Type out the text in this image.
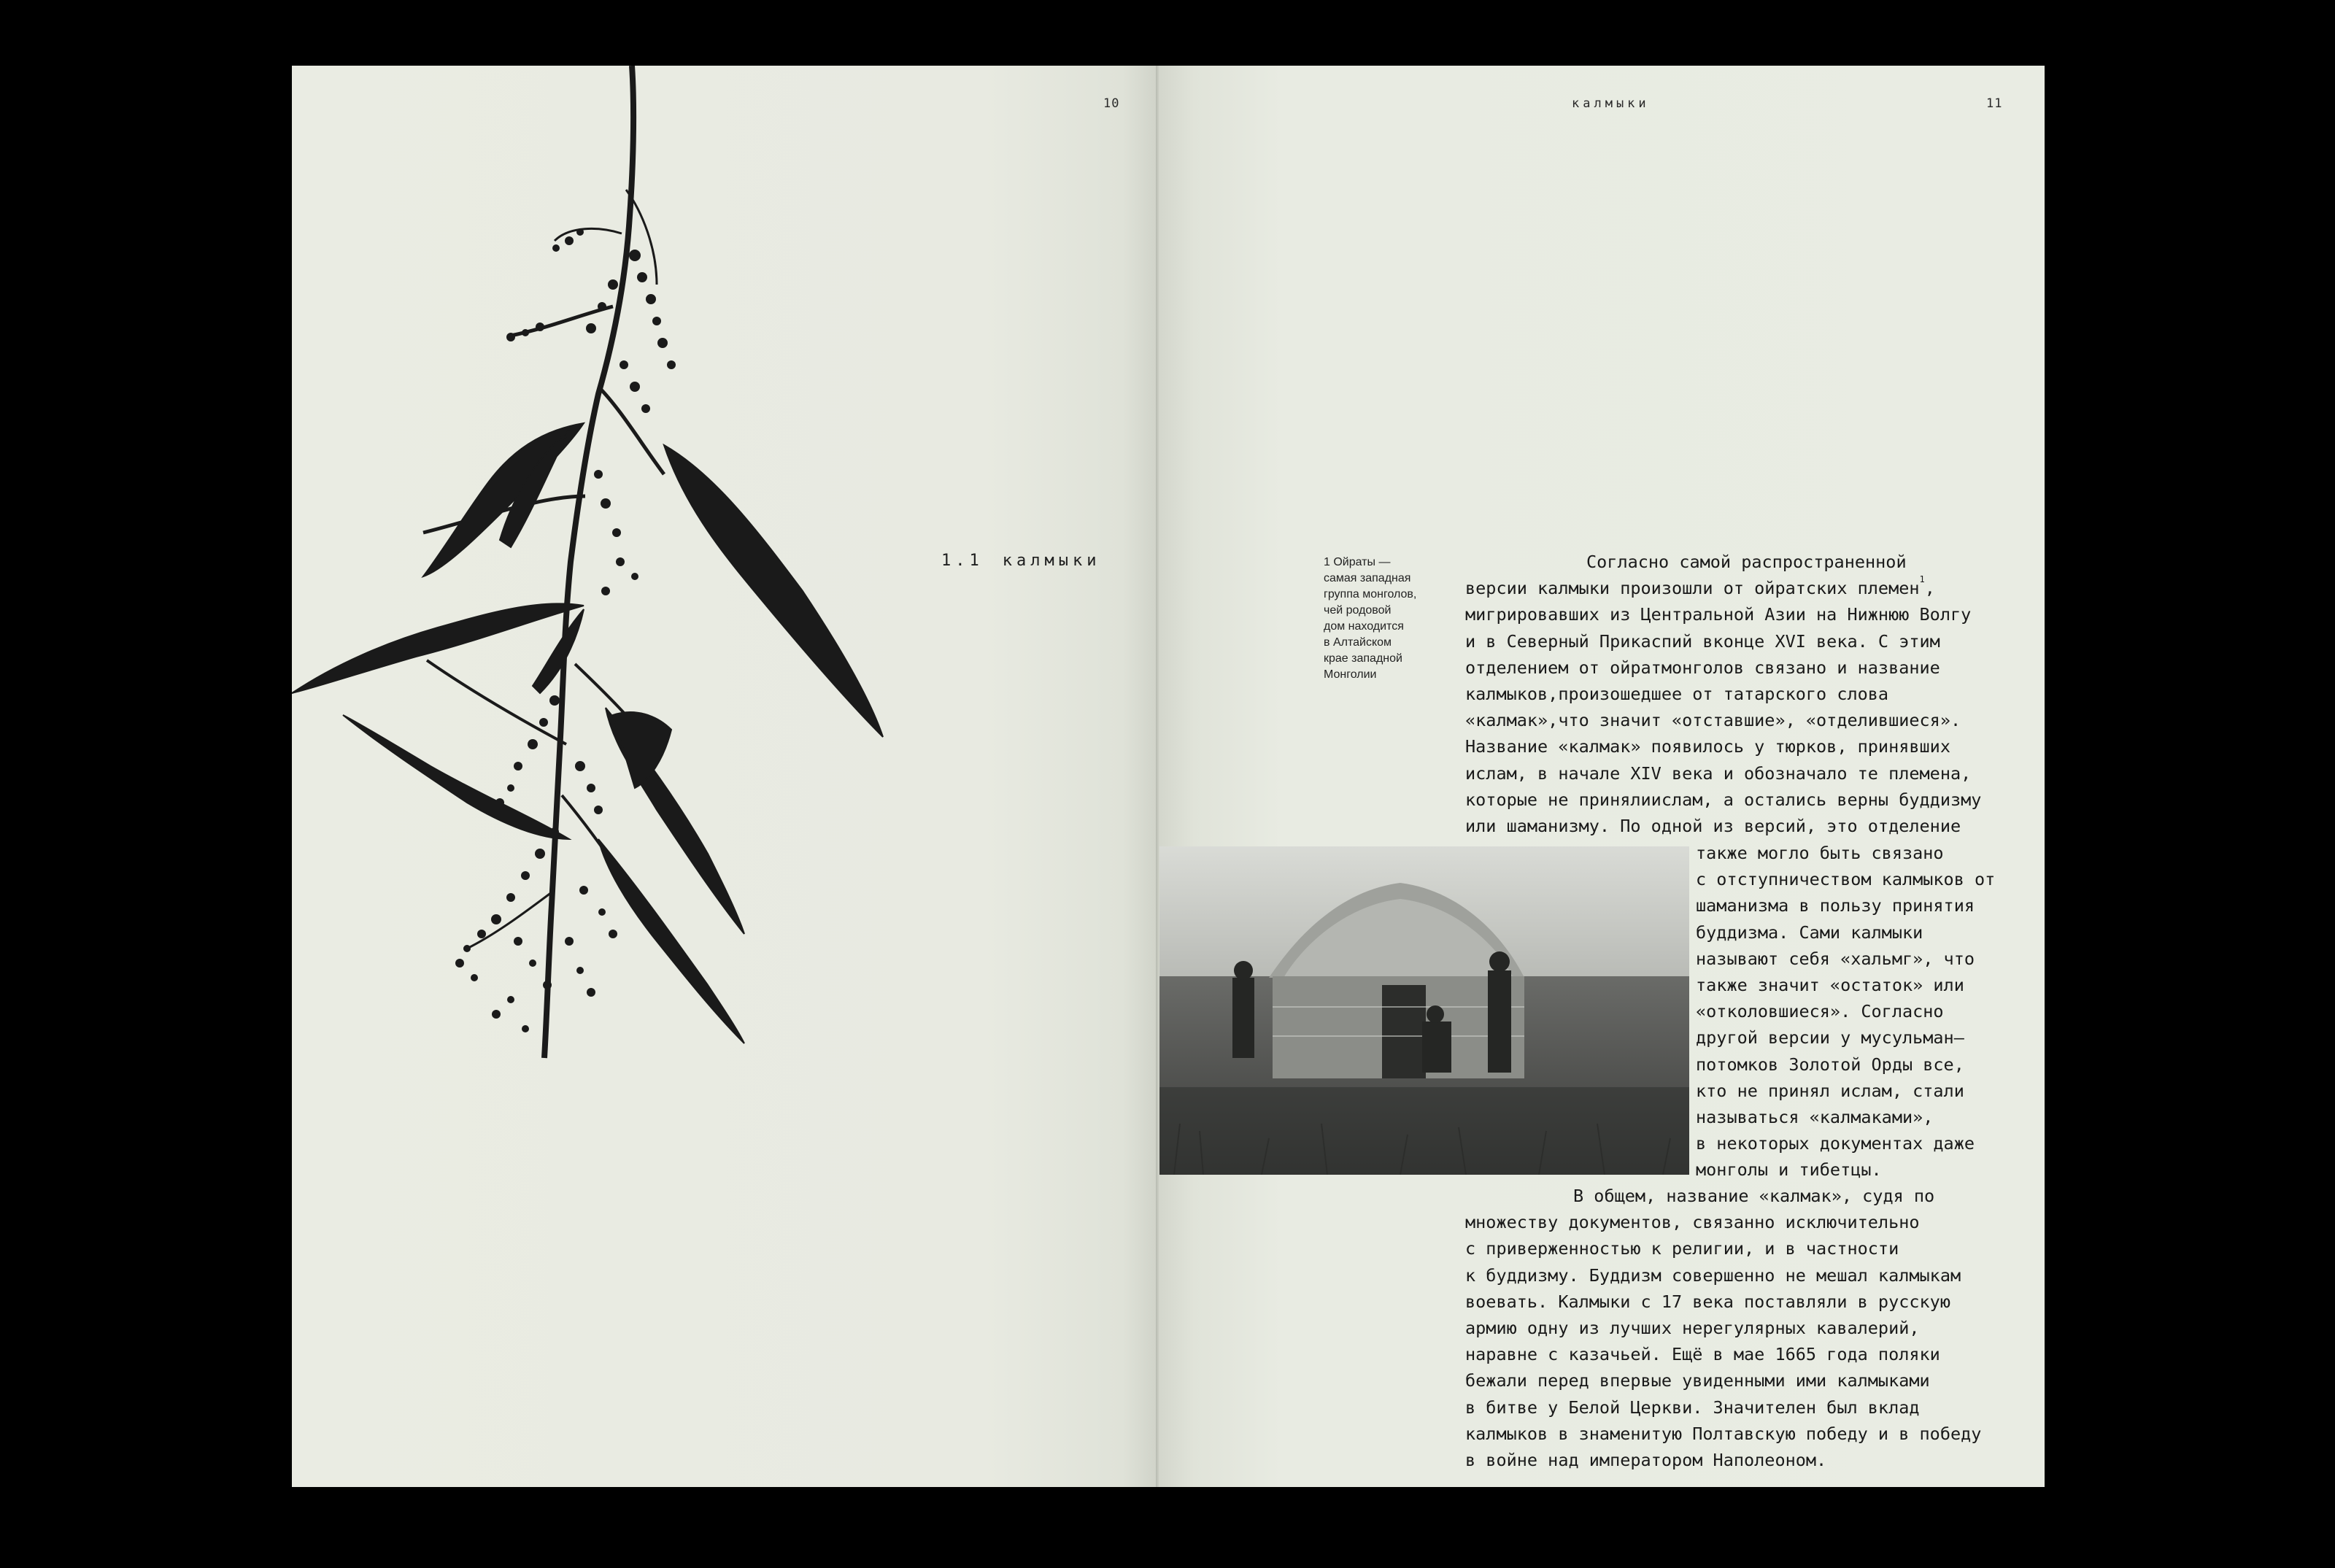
10
1.1 калмыки
калмыки	11
1 Ойраты —
самая западная
группа монголов,
чей родовой
дом находится
в Алтайском
крае западной
Монголии
Согласно самой распространенной
версии калмыки произошли от ойратских племен$^1$,
мигрировавших из Центральной Азии на Нижнюю Волгу
и в Северный Прикаспий вконце XVI века. С этим
отделением от ойратмонголов связано и название
калмыков,произошедшее от татарского слова
«калмак»,что значит «отставшие», «отделившиеся».
Название «калмак» появилось у тюрков, принявших
ислам, в начале XIV века и обозначало те племена,
которые не принялиислам, а остались верны буддизму
или шаманизму. По одной из версий, это отделение
также могло быть связано
с отступничеством калмыков от
шаманизма в пользу принятия
буддизма. Сами калмыки
называют себя «хальмг», что
также значит «остаток» или
«отколовшиеся». Согласно
другой версии у мусульман—
потомков Золотой Орды все,
кто не принял ислам, стали
называться «калмаками»,
в некоторых документах даже
монголы и тибетцы.
В общем, название «калмак», судя по
множеству документов, связанно исключительно
с приверженностью к религии, и в частности
к буддизму. Буддизм совершенно не мешал калмыкам
воевать. Калмыки с 17 века поставляли в русскую
армию одну из лучших нерегулярных кавалерий,
наравне с казачьей. Ещё в мае 1665 года поляки
бежали перед впервые увиденными ими калмыками
в битве у Белой Церкви. Значителен был вклад
калмыков в знаменитую Полтавскую победу и в победу
в войне над императором Наполеоном.
